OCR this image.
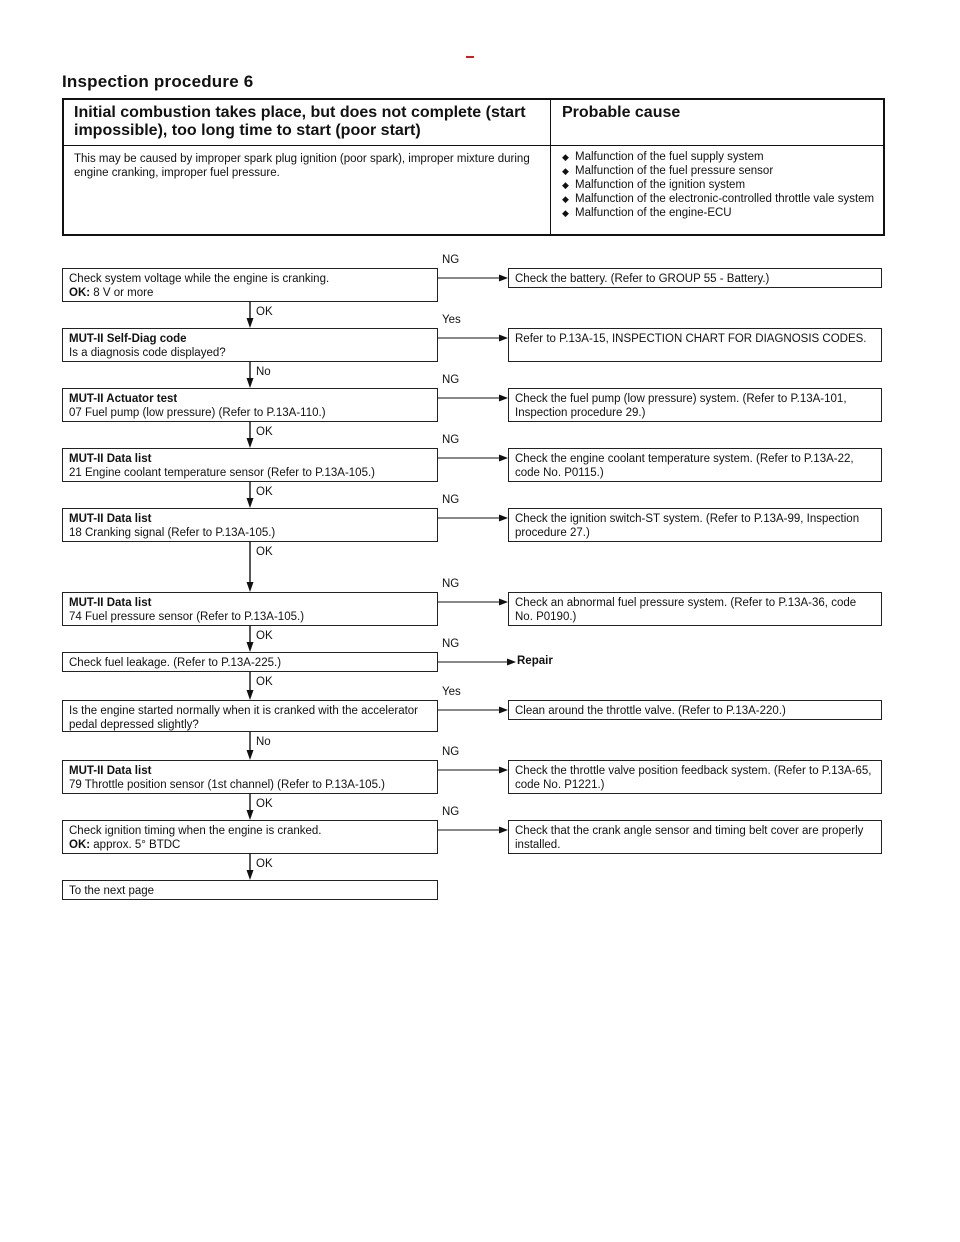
Inspection procedure 6
Initial combustion takes place, but does not complete (start impossible), too long time to start (poor start)
Probable cause
This may be caused by improper spark plug ignition (poor spark), improper mixture during engine cranking, improper fuel pressure.
◆ Malfunction of the fuel supply system
◆ Malfunction of the fuel pressure sensor
◆ Malfunction of the ignition system
◆ Malfunction of the electronic-controlled throttle vale system
◆ Malfunction of the engine-ECU
Check system voltage while the engine is cranking.
OK: 8 V or more
NG
Check the battery. (Refer to GROUP 55 - Battery.)
OK
MUT-II Self-Diag code
Is a diagnosis code displayed?
Yes
Refer to P.13A-15, INSPECTION CHART FOR DIAGNOSIS CODES.
No
MUT-II Actuator test
07 Fuel pump (low pressure) (Refer to P.13A-110.)
NG
Check the fuel pump (low pressure) system. (Refer to P.13A-101, Inspection procedure 29.)
OK
MUT-II Data list
21 Engine coolant temperature sensor (Refer to P.13A-105.)
NG
Check the engine coolant temperature system. (Refer to P.13A-22, code No. P0115.)
OK
MUT-II Data list
18 Cranking signal (Refer to P.13A-105.)
NG
Check the ignition switch-ST system. (Refer to P.13A-99, Inspection procedure 27.)
OK
MUT-II Data list
74 Fuel pressure sensor (Refer to P.13A-105.)
NG
Check an abnormal fuel pressure system. (Refer to P.13A-36, code No. P0190.)
OK
Check fuel leakage. (Refer to P.13A-225.)
NG
Repair
OK
Is the engine started normally when it is cranked with the accelerator
pedal depressed slightly?
Yes
Clean around the throttle valve. (Refer to P.13A-220.)
No
MUT-II Data list
79 Throttle position sensor (1st channel) (Refer to P.13A-105.)
NG
Check the throttle valve position feedback system. (Refer to P.13A-65, code No. P1221.)
OK
Check ignition timing when the engine is cranked.
OK: approx. 5° BTDC
NG
Check that the crank angle sensor and timing belt cover are properly installed.
OK
To the next page
